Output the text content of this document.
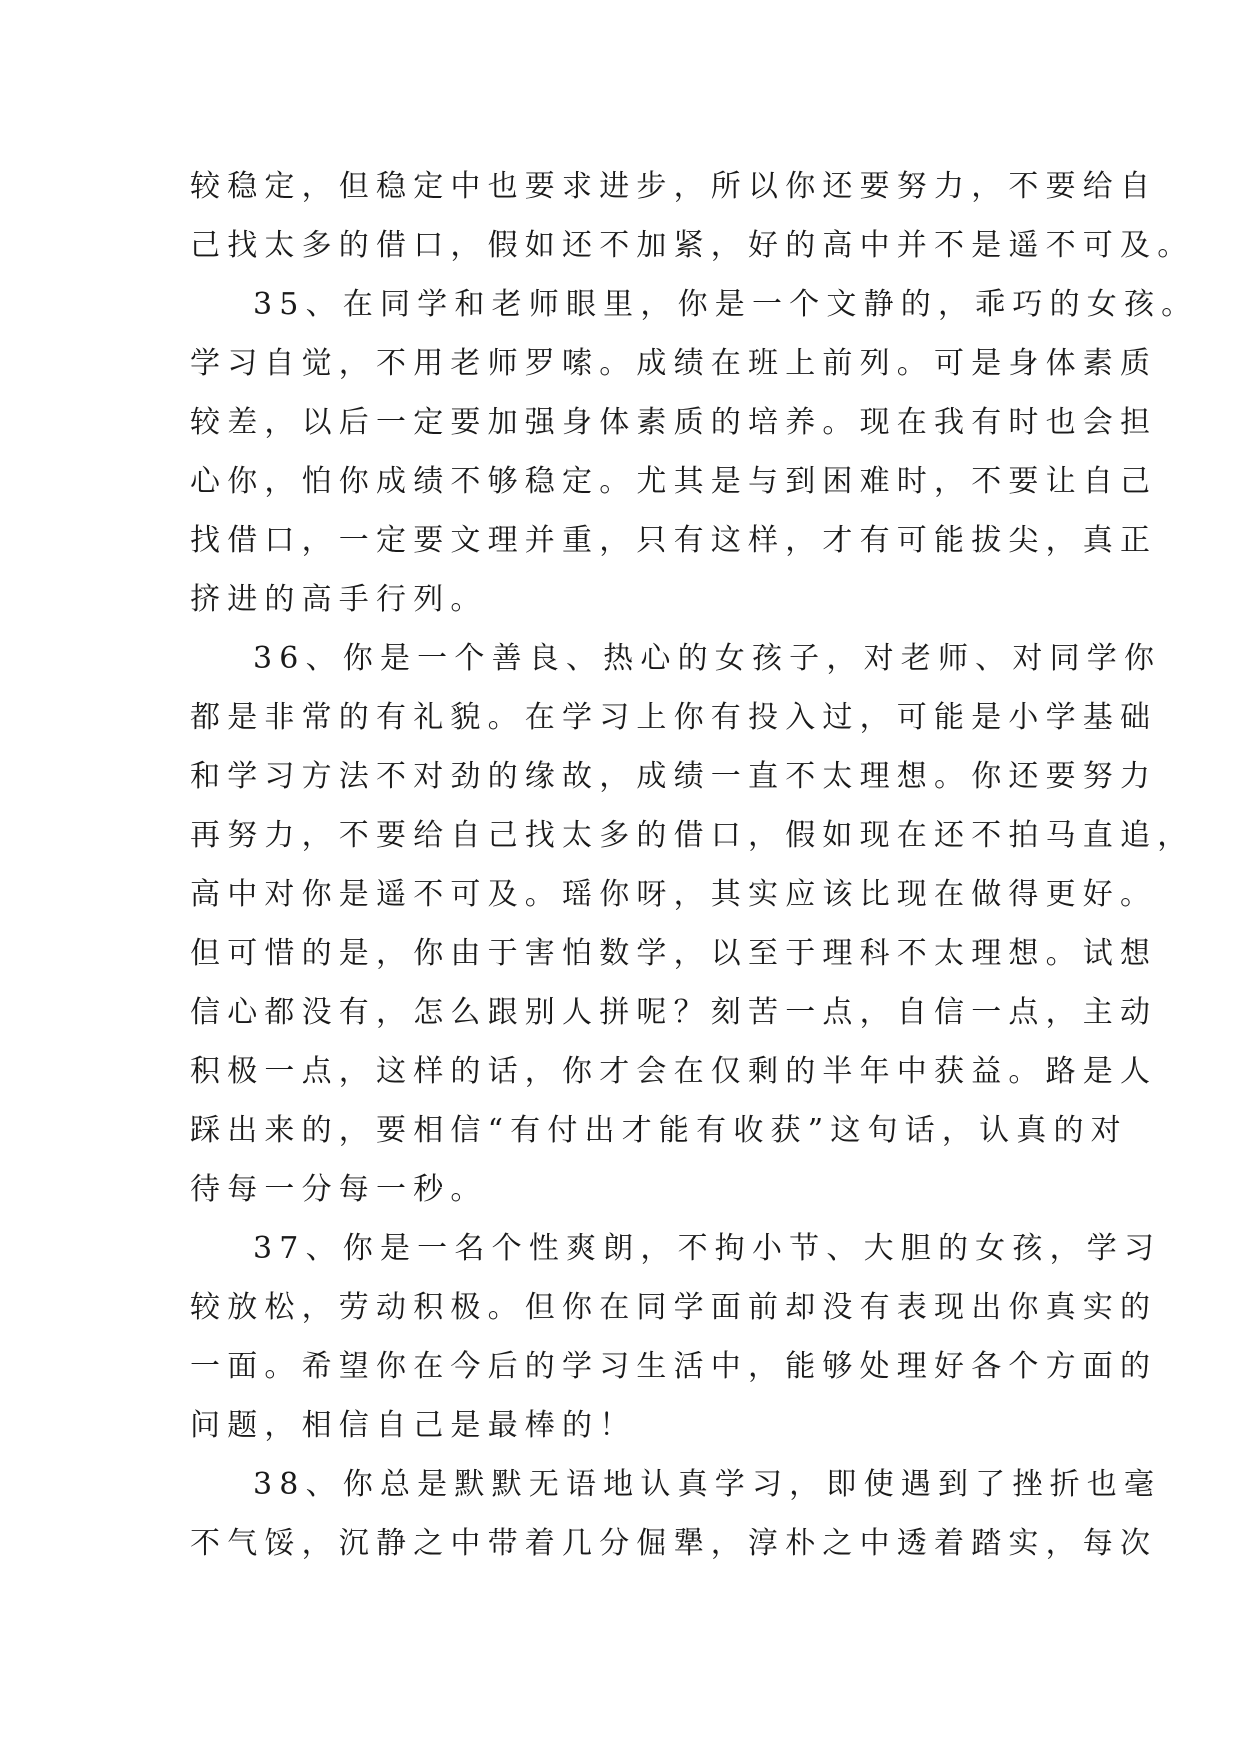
较稳定，但稳定中也要求进步，所以你还要努力，不要给自
己找太多的借口，假如还不加紧，好的高中并不是遥不可及。
35、在同学和老师眼里，你是一个文静的，乖巧的女孩。
学习自觉，不用老师罗嗦。成绩在班上前列。可是身体素质
较差，以后一定要加强身体素质的培养。现在我有时也会担
心你，怕你成绩不够稳定。尤其是与到困难时，不要让自己
找借口，一定要文理并重，只有这样，才有可能拔尖，真正
挤进的高手行列。
36、你是一个善良、热心的女孩子，对老师、对同学你
都是非常的有礼貌。在学习上你有投入过，可能是小学基础
和学习方法不对劲的缘故，成绩一直不太理想。你还要努力
再努力，不要给自己找太多的借口，假如现在还不拍马直追，
高中对你是遥不可及。瑶你呀，其实应该比现在做得更好。
但可惜的是，你由于害怕数学，以至于理科不太理想。试想
信心都没有，怎么跟别人拼呢？刻苦一点，自信一点，主动
积极一点，这样的话，你才会在仅剩的半年中获益。路是人
踩出来的，要相信“有付出才能有收获”这句话，认真的对
待每一分每一秒。
37、你是一名个性爽朗，不拘小节、大胆的女孩，学习
较放松，劳动积极。但你在同学面前却没有表现出你真实的
一面。希望你在今后的学习生活中，能够处理好各个方面的
问题，相信自己是最棒的！
38、你总是默默无语地认真学习，即使遇到了挫折也毫
不气馁，沉静之中带着几分倔犟，淳朴之中透着踏实，每次
